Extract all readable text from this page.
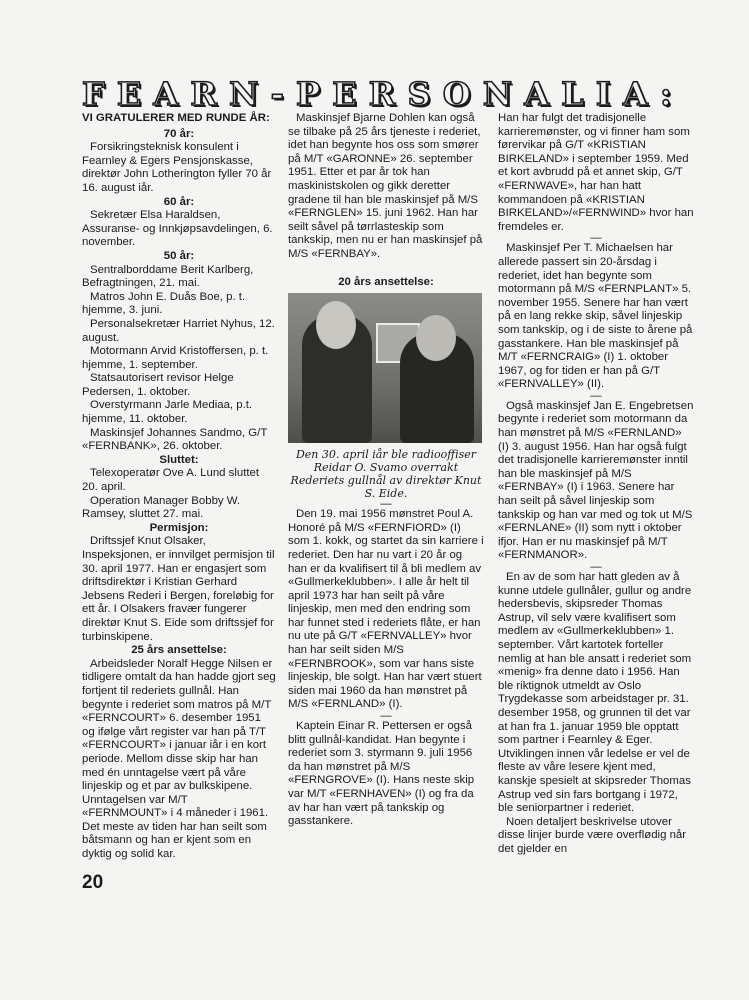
F E A R N - P E R S O N A L I A :

VI GRATULERER MED RUNDE ÅR:

70 år:

Forsikringsteknisk konsulent i Fearnley & Egers Pensjonskasse, direktør John Lotherington fyller 70 år 16. august iår.

60 år:

Sekretær Elsa Haraldsen, Assuranse- og Innkjøpsavdelingen, 6. november.

50 år:

Sentralborddame Berit Karlberg, Befragtningen, 21. mai.

Matros John E. Duås Boe, p. t. hjemme, 3. juni.

Personalsekretær Harriet Nyhus, 12. august.

Motormann Arvid Kristoffersen, p. t. hjemme, 1. september.

Statsautorisert revisor Helge Pedersen, 1. oktober.

Overstyrmann Jarle Mediaa, p.t. hjemme, 11. oktober.

Maskinsjef Johannes Sandmo, G/T «FERNBANK», 26. oktober.

Sluttet:

Telexoperatør Ove A. Lund sluttet 20. april.

Operation Manager Bobby W. Ramsey, sluttet 27. mai.

Permisjon:

Driftssjef Knut Olsaker, Inspeksjonen, er innvilget permisjon til 30. april 1977. Han er engasjert som driftsdirektør i Kristian Gerhard Jebsens Rederi i Bergen, foreløbig for ett år. I Olsakers fravær fungerer direktør Knut S. Eide som driftssjef for turbinskipene.

25 års ansettelse:

Arbeidsleder Noralf Hegge Nilsen er tidligere omtalt da han hadde gjort seg fortjent til rederiets gullnål. Han begynte i rederiet som matros på M/T «FERNCOURT» 6. desember 1951 og ifølge vårt register var han på T/T «FERNCOURT» i januar iår i en kort periode. Mellom disse skip har han med én unntagelse vært på våre linjeskip og et par av bulkskipene. Unntagelsen var M/T «FERNMOUNT» i 4 måneder i 1961. Det meste av tiden har han seilt som båtsmann og han er kjent som en dyktig og solid kar.

Maskinsjef Bjarne Dohlen kan også se tilbake på 25 års tjeneste i rederiet, idet han begynte hos oss som smører på M/T «GARONNE» 26. september 1951. Etter et par år tok han maskinistskolen og gikk deretter gradene til han ble maskinsjef på M/S «FERNGLEN» 15. juni 1962. Han har seilt såvel på tørrlasteskip som tankskip, men nu er han maskinsjef på M/S «FERNBAY».

20 års ansettelse:

Den 30. april iår ble radiooffiser Reidar O. Svamo overrakt Rederiets gullnål av direktør Knut S. Eide.

—

Den 19. mai 1956 mønstret Poul A. Honoré på M/S «FERNFIORD» (I) som 1. kokk, og startet da sin karriere i rederiet. Den har nu vart i 20 år og han er da kvalifisert til å bli medlem av «Gullmerkeklubben». I alle år helt til april 1973 har han seilt på våre linjeskip, men med den endring som har funnet sted i rederiets flåte, er han nu ute på G/T «FERNVALLEY» hvor han har seilt siden M/S «FERNBROOK», som var hans siste linjeskip, ble solgt. Han har vært stuert siden mai 1960 da han mønstret på M/S «FERNLAND» (I).

—

Kaptein Einar R. Pettersen er også blitt gullnål-kandidat. Han begynte i rederiet som 3. styrmann 9. juli 1956 da han mønstret på M/S «FERNGROVE» (I). Hans neste skip var M/T «FERNHAVEN» (I) og fra da av har han vært på tankskip og gasstankere.

Han har fulgt det tradisjonelle karrieremønster, og vi finner ham som førervikar på G/T «KRISTIAN BIRKELAND» i september 1959. Med et kort avbrudd på et annet skip, G/T «FERNWAVE», har han hatt kommandoen på «KRISTIAN BIRKELAND»/«FERNWIND» hvor han fremdeles er.

—

Maskinsjef Per T. Michaelsen har allerede passert sin 20-årsdag i rederiet, idet han begynte som motormann på M/S «FERNPLANT» 5. november 1955. Senere har han vært på en lang rekke skip, såvel linjeskip som tankskip, og i de siste to årene på gasstankere. Han ble maskinsjef på M/T «FERNCRAIG» (I) 1. oktober 1967, og for tiden er han på G/T «FERNVALLEY» (II).

—

Også maskinsjef Jan E. Engebretsen begynte i rederiet som motormann da han mønstret på M/S «FERNLAND» (I) 3. august 1956. Han har også fulgt det tradisjonelle karrieremønster inntil han ble maskinsjef på M/S «FERNBAY» (I) i 1963. Senere har han seilt på såvel linjeskip som tankskip og han var med og tok ut M/S «FERNLANE» (II) som nytt i oktober ifjor. Han er nu maskinsjef på M/T «FERNMANOR».

—

En av de som har hatt gleden av å kunne utdele gullnåler, gullur og andre hedersbevis, skipsreder Thomas Astrup, vil selv være kvalifisert som medlem av «Gullmerkeklubben» 1. september. Vårt kartotek forteller nemlig at han ble ansatt i rederiet som «menig» fra denne dato i 1956. Han ble riktignok utmeldt av Oslo Trygdekasse som arbeidstager pr. 31. desember 1958, og grunnen til det var at han fra 1. januar 1959 ble opptatt som partner i Fearnley & Eger. Utviklingen innen vår ledelse er vel de fleste av våre lesere kjent med, kanskje spesielt at skipsreder Thomas Astrup ved sin fars bortgang i 1972, ble seniorpartner i rederiet.

Noen detaljert beskrivelse utover disse linjer burde være overflødig når det gjelder en

20
